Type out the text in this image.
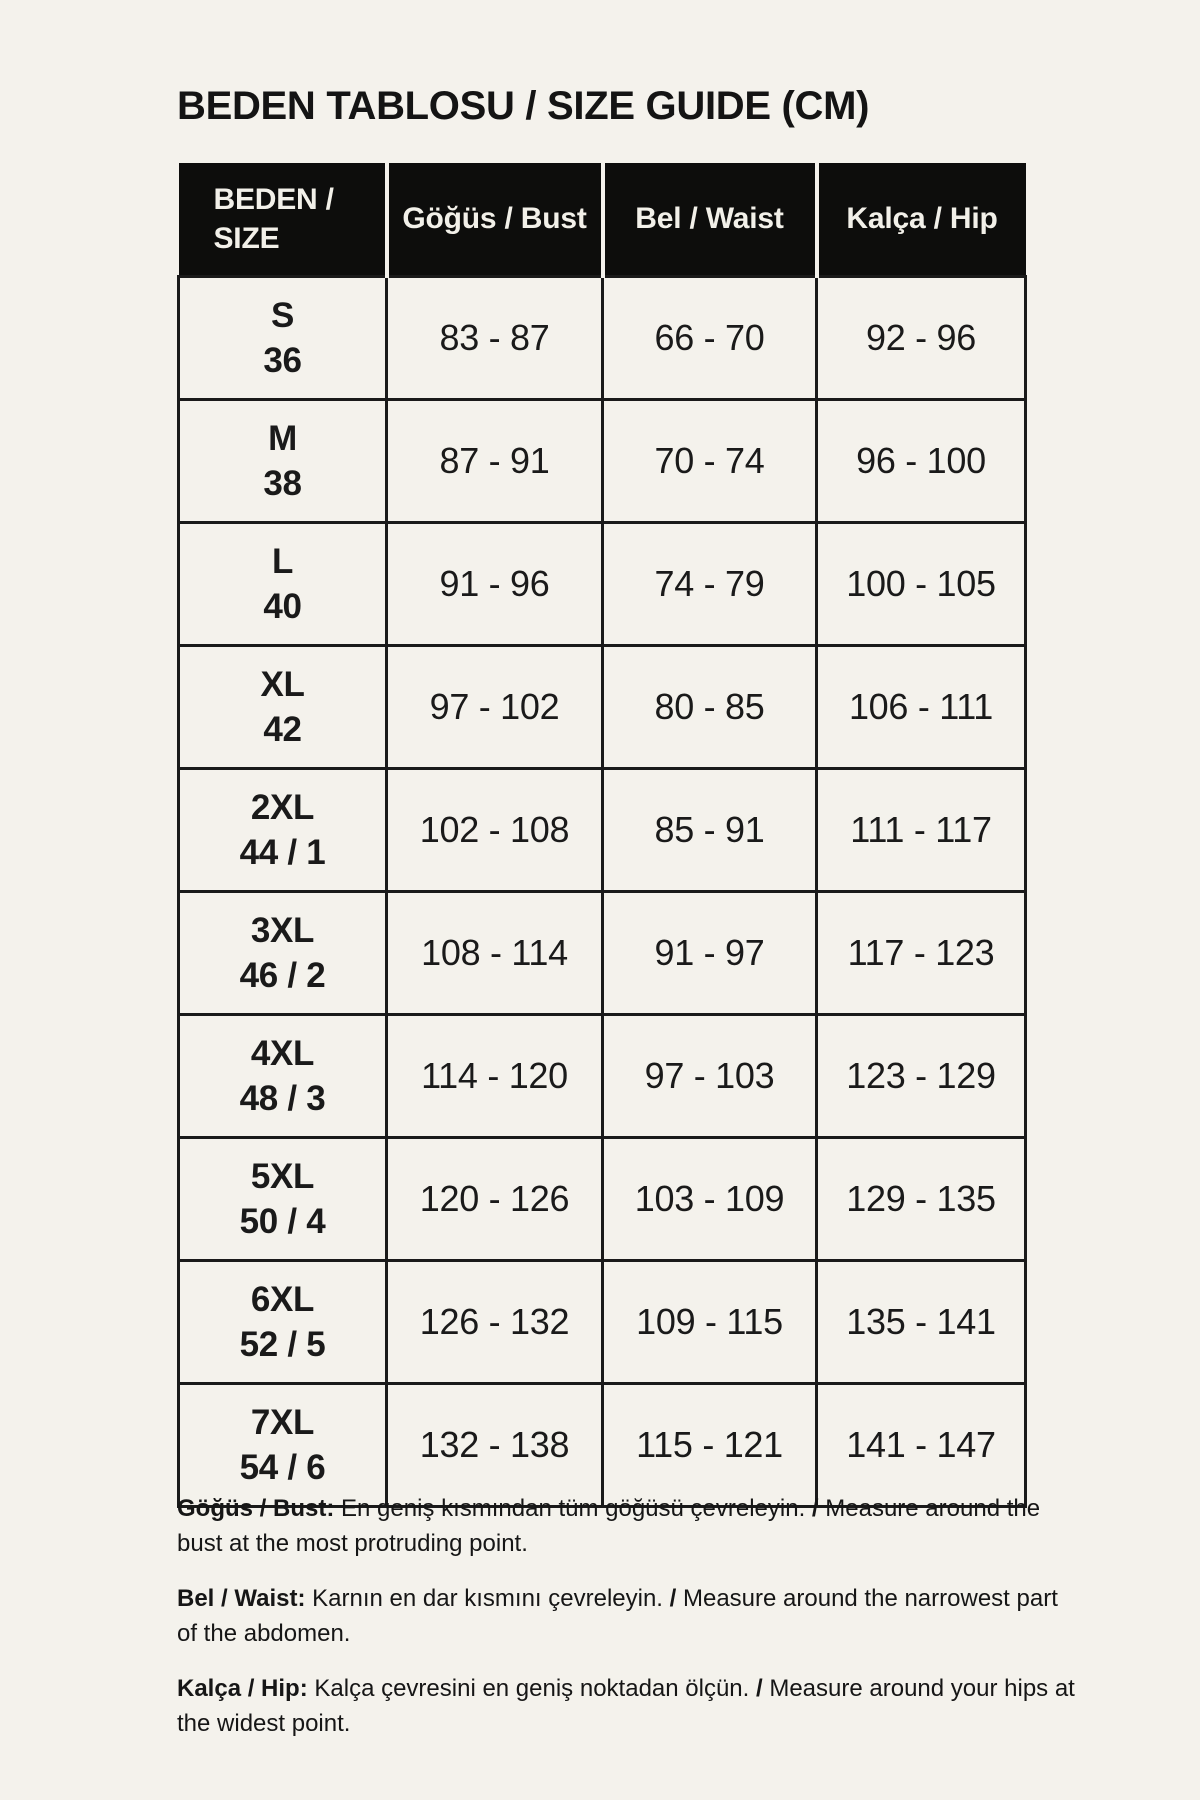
BEDEN TABLOSU / SIZE GUIDE (CM)
BEDEN /
SIZE	Göğüs / Bust	Bel / Waist	Kalça / Hip

S
36	83 - 87	66 - 70	92 - 96

M
38	87 - 91	70 - 74	96 - 100

L
40	91 - 96	74 - 79	100 - 105

XL
42	97 - 102	80 - 85	106 - 111

2XL
44 / 1	102 - 108	85 - 91	111 - 117

3XL
46 / 2	108 - 114	91 - 97	117 - 123

4XL
48 / 3	114 - 120	97 - 103	123 - 129

5XL
50 / 4	120 - 126	103 - 109	129 - 135

6XL
52 / 5	126 - 132	109 - 115	135 - 141

7XL
54 / 6	132 - 138	115 - 121	141 - 147

Göğüs / Bust: En geniş kısmından tüm göğüsü çevreleyin. / Measure around the bust at the most protruding point.

Bel / Waist: Karnın en dar kısmını çevreleyin. / Measure around the narrowest part of the abdomen.

Kalça / Hip: Kalça çevresini en geniş noktadan ölçün. / Measure around your hips at the widest point.
